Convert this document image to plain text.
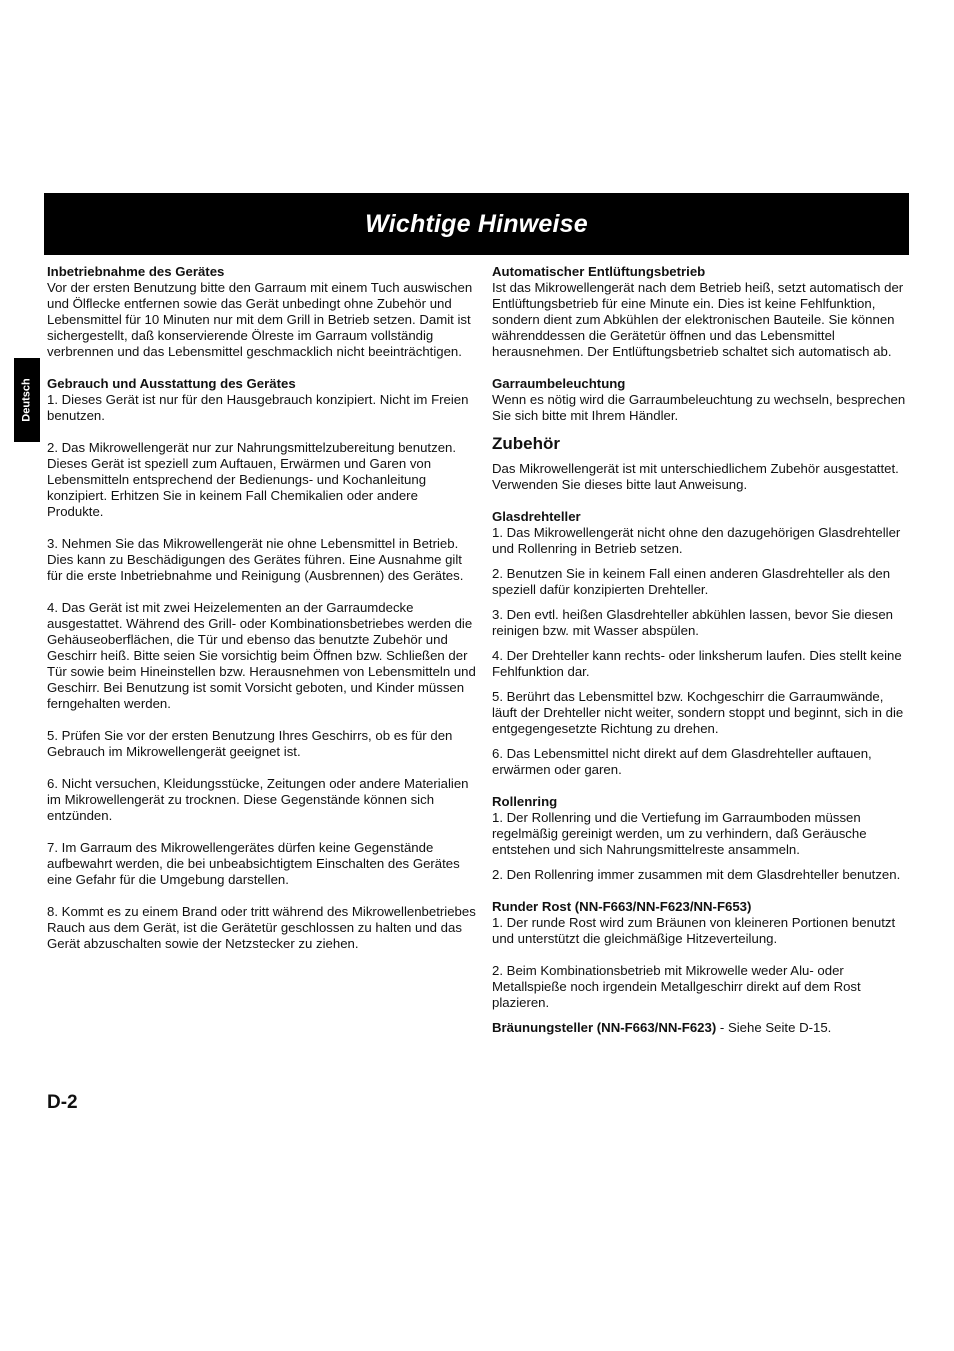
Wichtige Hinweise
Deutsch
Inbetriebnahme des Gerätes
Vor der ersten Benutzung bitte den Garraum mit einem Tuch auswischen und Ölflecke entfernen sowie das Gerät unbedingt ohne Zubehör und Lebensmittel für 10 Minuten nur mit dem Grill in Betrieb setzen. Damit ist sichergestellt, daß konservierende Ölreste im Garraum vollständig verbrennen und das Lebensmittel geschmacklich nicht beeinträchtigen.
Gebrauch und Ausstattung des Gerätes
1. Dieses Gerät ist nur für den Hausgebrauch konzipiert. Nicht im Freien benutzen.
2. Das Mikrowellengerät nur zur Nahrungsmittelzubereitung benutzen. Dieses Gerät ist speziell zum Auftauen, Erwärmen und Garen von Lebensmitteln entsprechend der Bedienungs- und Kochanleitung konzipiert. Erhitzen Sie in keinem Fall Chemikalien oder andere Produkte.
3. Nehmen Sie das Mikrowellengerät nie ohne Lebensmittel in Betrieb. Dies kann zu Beschädigungen des Gerätes führen. Eine Ausnahme gilt für die erste Inbetriebnahme und Reinigung (Ausbrennen) des Gerätes.
4. Das Gerät ist mit zwei Heizelementen an der Garraumdecke ausgestattet. Während des Grill- oder Kombinationsbetriebes werden die Gehäuseoberflächen, die Tür und ebenso das benutzte Zubehör und Geschirr heiß. Bitte seien Sie vorsichtig beim Öffnen bzw. Schließen der Tür sowie beim Hineinstellen bzw. Herausnehmen von Lebensmitteln und Geschirr. Bei Benutzung ist somit Vorsicht geboten, und Kinder müssen ferngehalten werden.
5. Prüfen Sie vor der ersten Benutzung Ihres Geschirrs, ob es für den Gebrauch im Mikrowellengerät geeignet ist.
6. Nicht versuchen, Kleidungsstücke, Zeitungen oder andere Materialien im Mikrowellengerät zu trocknen. Diese Gegenstände können sich entzünden.
7. Im Garraum des Mikrowellengerätes dürfen keine Gegenstände aufbewahrt werden, die bei unbeabsichtigtem Einschalten des Gerätes eine Gefahr für die Umgebung darstellen.
8. Kommt es zu einem Brand oder tritt während des Mikrowellenbetriebes Rauch aus dem Gerät, ist die Gerätetür geschlossen zu halten und das Gerät abzuschalten sowie der Netzstecker zu ziehen.
Automatischer Entlüftungsbetrieb
Ist das Mikrowellengerät nach dem Betrieb heiß, setzt automatisch der Entlüftungsbetrieb für eine Minute ein. Dies ist keine Fehlfunktion, sondern dient zum Abkühlen der elektronischen Bauteile. Sie können währenddessen die Gerätetür öffnen und das Lebensmittel herausnehmen. Der Entlüftungsbetrieb schaltet sich automatisch ab.
Garraumbeleuchtung
Wenn es nötig wird die Garraumbeleuchtung zu wechseln, besprechen Sie sich bitte mit Ihrem Händler.
Zubehör
Das Mikrowellengerät ist mit unterschiedlichem Zubehör ausgestattet. Verwenden Sie dieses bitte laut Anweisung.
Glasdrehteller
1. Das Mikrowellengerät nicht ohne den dazugehörigen Glasdrehteller und Rollenring in Betrieb setzen.
2. Benutzen Sie in keinem Fall einen anderen Glasdrehteller als den speziell dafür konzipierten Drehteller.
3. Den evtl. heißen Glasdrehteller abkühlen lassen, bevor Sie diesen reinigen bzw. mit Wasser abspülen.
4. Der Drehteller kann rechts- oder linksherum laufen. Dies stellt keine Fehlfunktion dar.
5. Berührt das Lebensmittel bzw. Kochgeschirr die Garraumwände, läuft der Drehteller nicht weiter, sondern stoppt und beginnt, sich in die entgegengesetzte Richtung zu drehen.
6. Das Lebensmittel nicht direkt auf dem Glasdrehteller auftauen, erwärmen oder garen.
Rollenring
1. Der Rollenring und die Vertiefung im Garraumboden müssen regelmäßig gereinigt werden, um zu verhindern, daß Geräusche entstehen und sich Nahrungsmittelreste ansammeln.
2. Den Rollenring immer zusammen mit dem Glasdrehteller benutzen.
Runder Rost (NN-F663/NN-F623/NN-F653)
1. Der runde Rost wird zum Bräunen von kleineren Portionen benutzt und unterstützt die gleichmäßige Hitzeverteilung.
2. Beim Kombinationsbetrieb mit Mikrowelle weder Alu- oder Metallspieße noch irgendein Metallgeschirr direkt auf dem Rost plazieren.
Bräunungsteller (NN-F663/NN-F623) - Siehe Seite D-15.
D-2
